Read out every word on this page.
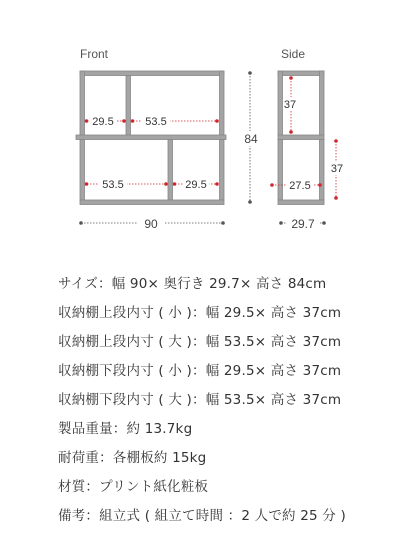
Front
29.5	53.5
53.5	29.5
84
90
Side
37
37
27.5
29.7
サイズ：幅 90× 奥行き 29.7× 高さ 84cm
収納棚上段内寸 ( 小 )：幅 29.5× 高さ 37cm
収納棚上段内寸 ( 大 )：幅 53.5× 高さ 37cm
収納棚下段内寸 ( 小 )：幅 29.5× 高さ 37cm
収納棚下段内寸 ( 大 )：幅 53.5× 高さ 37cm
製品重量：約 13.7kg
耐荷重：各棚板約 15kg
材質：プリント紙化粧板
備考：組立式 ( 組立て時間 ：2 人で約 25 分 )
